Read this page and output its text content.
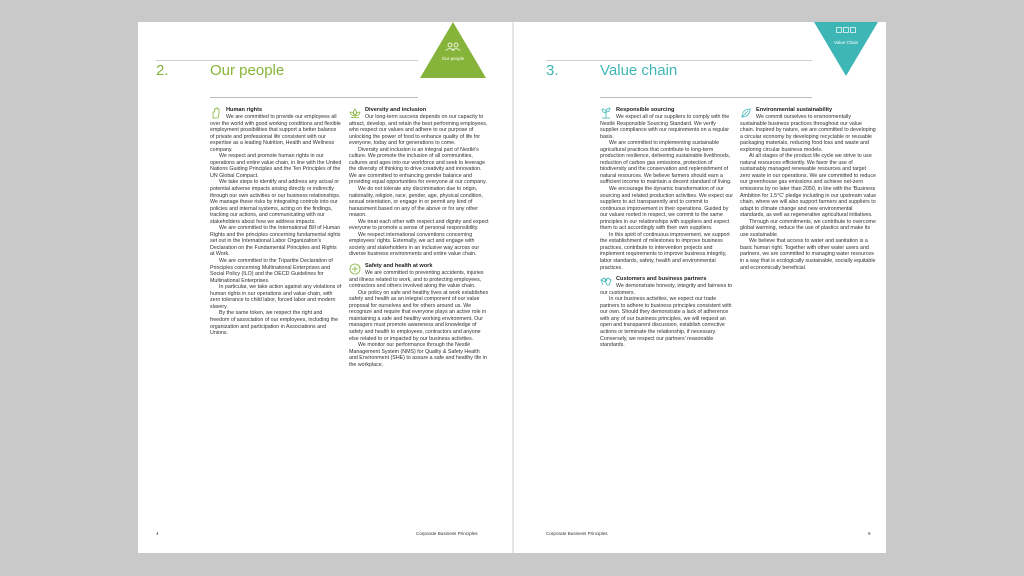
2.	Our people
Our people
Human rights

We are committed to provide our employees all over the world with good working conditions and flexible employment possibilities that support a better balance of private and professional life consistent with our expertise as a leading Nutrition, Health and Wellness company.

We respect and promote human rights in our operations and entire value chain, in line with the United Nations Guiding Principles and the Ten Principles of the UN Global Compact.

We take steps to identify and address any actual or potential adverse impacts arising directly or indirectly through our own activities or our business relationships. We manage these risks by integrating controls into our policies and internal systems, acting on the findings, tracking our actions, and communicating with our stakeholders about how we address impacts.

We are committed to the International Bill of Human Rights and the principles concerning fundamental rights set out in the International Labor Organization's Declaration on the Fundamental Principles and Rights at Work.

We are committed to the Tripartite Declaration of Principles concerning Multinational Enterprises and Social Policy (ILO) and the OECD Guidelines for Multinational Enterprises.

In particular, we take action against any violations of human rights in our operations and value chain, with zero tolerance to child labor, forced labor and modern slavery.

By the same token, we respect the right and freedom of association of our employees, including the organization and participation in Associations and Unions.

Diversity and inclusion

Our long-term success depends on our capacity to attract, develop, and retain the best performing employees, who respect our values and adhere to our purpose of unlocking the power of food to enhance quality of life for everyone, today and for generations to come.

Diversity and inclusion is an integral part of Nestlé's culture. We promote the inclusion of all communities, cultures and ages into our workforce and seek to leverage the diversity of thinking to drive creativity and innovation. We are committed to enhancing gender balance and providing equal opportunities for everyone at our company.

We do not tolerate any discrimination due to origin, nationality, religion, race, gender, age, physical condition, sexual orientation, or engage in or permit any kind of harassment based on any of the above or for any other reason.

We treat each other with respect and dignity and expect everyone to promote a sense of personal responsibility.

We respect international conventions concerning employees' rights. Externally, we act and engage with society and stakeholders in an inclusive way across our diverse business environments and entire value chain.

Safety and health at work

We are committed to preventing accidents, injuries and illness related to work, and to protecting employees, contractors and others involved along the value chain.

Our policy on safe and healthy lives at work establishes safety and health as an integral component of our value proposal for ourselves and for others around us. We recognize and require that everyone plays an active role in maintaining a safe and healthy working environment. Our managers must promote awareness and knowledge of safety and health to employees, contractors and anyone else related to or impacted by our business activities.

We monitor our performance through the Nestlé Management System (NMS) for Quality & Safety Health and Environment (SHE) to assure a safe and healthy life in the workplace.

4	Corporate Business Principles
3.	Value chain
Value Chain
Responsible sourcing

We expect all of our suppliers to comply with the Nestlé Responsible Sourcing Standard. We verify supplier compliance with our requirements on a regular basis.

We are committed to implementing sustainable agricultural practices that contribute to long-term production resilience, delivering sustainable livelihoods, reduction of carbon gas emissions, protection of biodiversity and the conservation and replenishment of natural resources. We believe farmers should earn a sufficient income to maintain a decent standard of living.

We encourage the dynamic transformation of our sourcing and related production activities. We expect our suppliers to act transparently and to commit to continuous improvement in their operations. Guided by our values rooted in respect, we commit to the same principles in our relationships with suppliers and expect them to act accordingly with their own suppliers.

In this spirit of continuous improvement, we support the establishment of milestones to improve business practices, contribute to intervention projects and implement requirements to improve business integrity, labor standards, safety, health and environmental practices.

Customers and business partners

We demonstrate honesty, integrity and fairness to our customers.

In our business activities, we expect our trade partners to adhere to business principles consistent with our own. Should they demonstrate a lack of adherence with any of our business principles, we will request an open and transparent discussion, establish corrective actions or terminate the relationship, if necessary. Conversely, we respect our partners' reasonable standards.

Environmental sustainability

We commit ourselves to environmentally sustainable business practices throughout our value chain. Inspired by nature, we are committed to developing a circular economy by developing recyclable or reusable packaging materials, reducing food loss and waste and exploring circular business models.

At all stages of the product life cycle we strive to use natural resources efficiently. We favor the use of sustainably managed renewable resources and target zero waste in our operations. We are committed to reduce our greenhouse gas emissions and achieve net-zero emissions by no later than 2050, in line with the 'Business Ambition for 1.5°C' pledge including in our upstream value chain, where we will also support farmers and suppliers to adapt to climate change and new environmental standards, as well as regenerative agricultural initiatives.

Through our commitments, we contribute to overcome global warming, reduce the use of plastics and make its use sustainable.

We believe that access to water and sanitation is a basic human right. Together with other water users and partners, we are committed to managing water resources in a way that is ecologically sustainable, socially equitable and economically beneficial.

Corporate Business Principles	5
